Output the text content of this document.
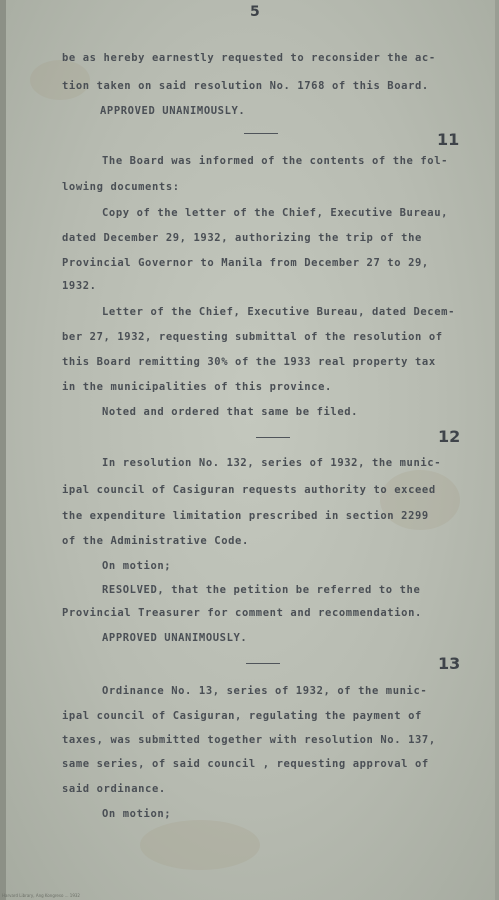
5
be as hereby earnestly requested to reconsider the ac-
tion taken on said resolution No. 1768 of this Board.
APPROVED UNANIMOUSLY.
11
The Board was informed of the contents of the fol-
lowing documents:
Copy of the letter of the Chief, Executive Bureau,
dated December 29, 1932, authorizing the trip of the
Provincial Governor to Manila from December 27 to 29,
1932.
Letter of the Chief, Executive Bureau, dated Decem-
ber 27, 1932, requesting submittal of the resolution of
this Board remitting 30% of the 1933 real property tax
in the municipalities of this province.
Noted and ordered that same be filed.
12
In resolution No. 132, series of 1932, the munic-
ipal council of Casiguran requests authority to exceed
the expenditure limitation prescribed in section 2299
of the Administrative Code.
On motion;
RESOLVED, that the petition be referred to the
Provincial Treasurer for comment and recommendation.
APPROVED UNANIMOUSLY.
13
Ordinance No. 13, series of 1932, of the munic-
ipal council of Casiguran, regulating the payment of
taxes, was submitted together with resolution No. 137,
same series, of said council , requesting approval of
said ordinance.
On motion;
Harvard Library, Ang Kongreso ... 1932
